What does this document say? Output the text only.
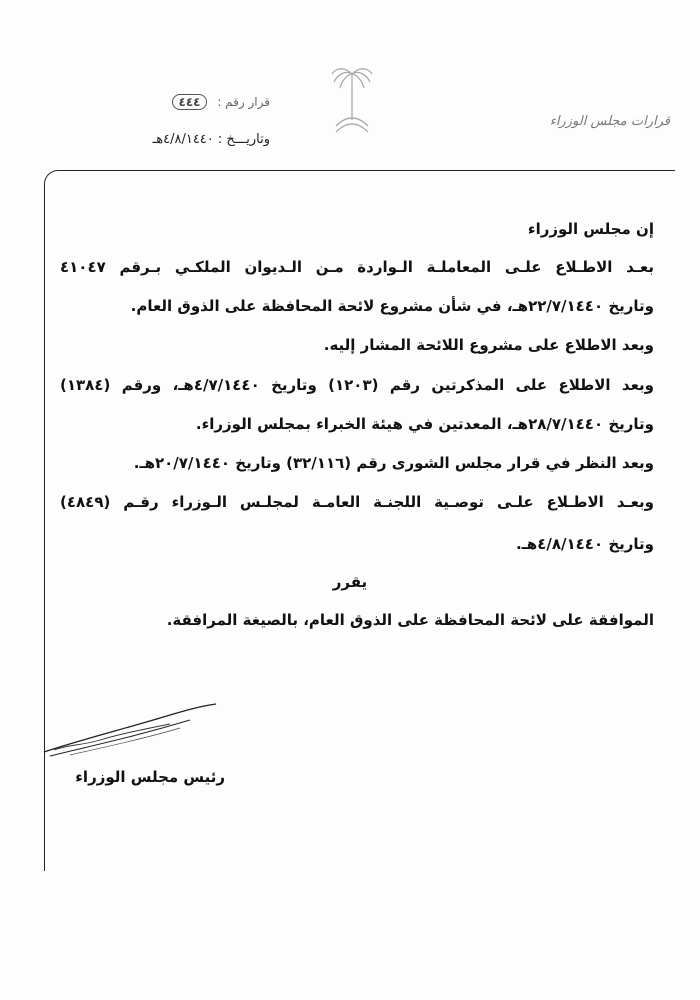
قرارات مجلس الوزراء
قرار رقم : ٤٤٤
وتاريـــخ : ٤/٨/١٤٤٠هـ
إن مجلس الوزراء
بعـد الاطـلاع علـى المعاملـة الـواردة مـن الـديوان الملكـي بـرقم ٤١٠٤٧
وتاريخ ٢٢/٧/١٤٤٠هـ، في شأن مشروع لائحة المحافظة على الذوق العام.
وبعد الاطلاع على مشروع اللائحة المشار إليه.
وبعد الاطلاع على المذكرتين رقم (١٢٠٣) وتاريخ ٤/٧/١٤٤٠هـ، ورقم (١٣٨٤)
وتاريخ ٢٨/٧/١٤٤٠هـ، المعدتين في هيئة الخبراء بمجلس الوزراء.
وبعد النظر في قرار مجلس الشورى رقم (٣٢/١١٦) وتاريخ ٢٠/٧/١٤٤٠هـ.
وبعـد الاطـلاع علـى توصـية اللجنـة العامـة لمجلـس الـوزراء رقـم (٤٨٤٩)
وتاريخ ٤/٨/١٤٤٠هـ.
يقرر
الموافقة على لائحة المحافظة على الذوق العام، بالصيغة المرافقة.
رئيس مجلس الوزراء
